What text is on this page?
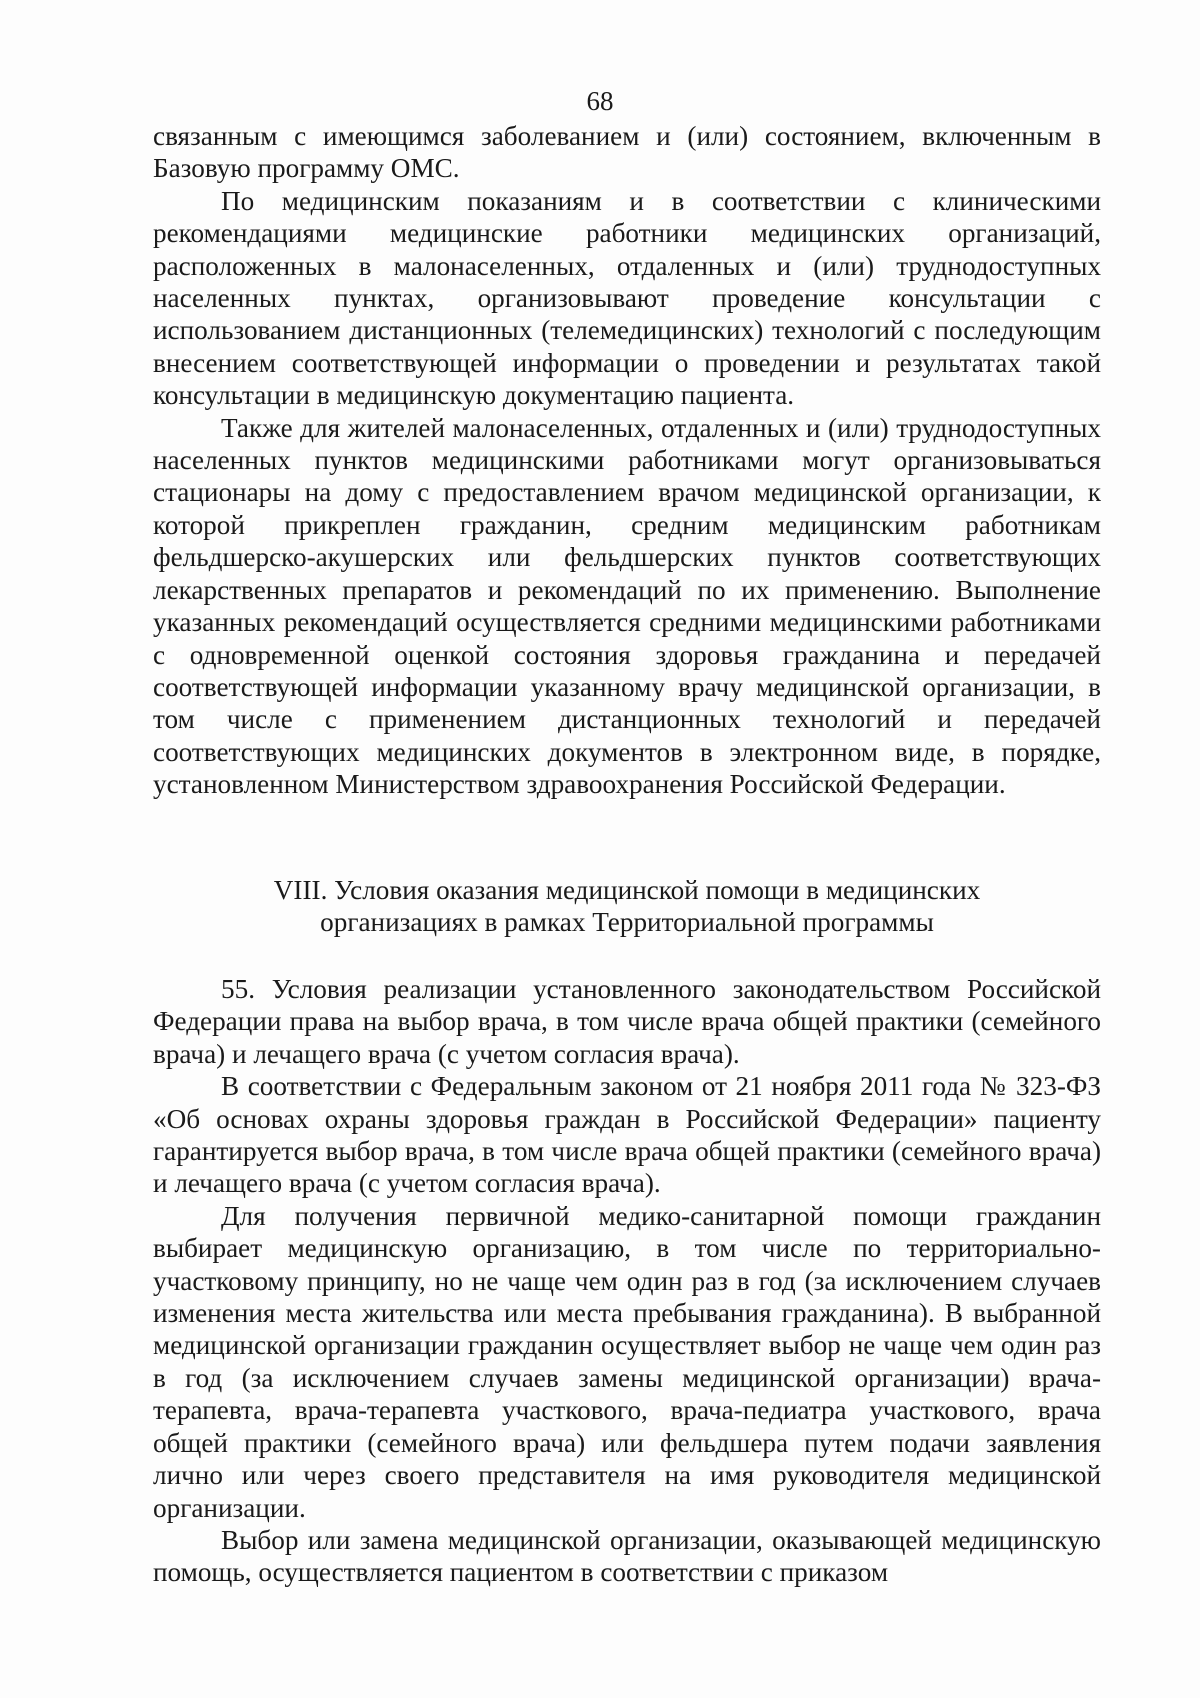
68

связанным с имеющимся заболеванием и (или) состоянием, включенным в Базовую программу ОМС.

По медицинским показаниям и в соответствии с клиническими рекомендациями медицинские работники медицинских организаций, расположенных в малонаселенных, отдаленных и (или) труднодоступных населенных пунктах, организовывают проведение консультации с использованием дистанционных (телемедицинских) технологий с последующим внесением соответствующей информации о проведении и результатах такой консультации в медицинскую документацию пациента.

Также для жителей малонаселенных, отдаленных и (или) труднодоступных населенных пунктов медицинскими работниками могут организовываться стационары на дому с предоставлением врачом медицинской организации, к которой прикреплен гражданин, средним медицинским работникам фельдшерско-акушерских или фельдшерских пунктов соответствующих лекарственных препаратов и рекомендаций по их применению. Выполнение указанных рекомендаций осуществляется средними медицинскими работниками с одновременной оценкой состояния здоровья гражданина и передачей соответствующей информации указанному врачу медицинской организации, в том числе с применением дистанционных технологий и передачей соответствующих медицинских документов в электронном виде, в порядке, установленном Министерством здравоохранения Российской Федерации.

VIII. Условия оказания медицинской помощи в медицинских
организациях в рамках Территориальной программы

55. Условия реализации установленного законодательством Российской Федерации права на выбор врача, в том числе врача общей практики (семейного врача) и лечащего врача (с учетом согласия врача).

В соответствии с Федеральным законом от 21 ноября 2011 года № 323-ФЗ «Об основах охраны здоровья граждан в Российской Федерации» пациенту гарантируется выбор врача, в том числе врача общей практики (семейного врача) и лечащего врача (с учетом согласия врача).

Для получения первичной медико-санитарной помощи гражданин выбирает медицинскую организацию, в том числе по территориально-участковому принципу, но не чаще чем один раз в год (за исключением случаев изменения места жительства или места пребывания гражданина). В выбранной медицинской организации гражданин осуществляет выбор не чаще чем один раз в год (за исключением случаев замены медицинской организации) врача-терапевта, врача-терапевта участкового, врача-педиатра участкового, врача общей практики (семейного врача) или фельдшера путем подачи заявления лично или через своего представителя на имя руководителя медицинской организации.

Выбор или замена медицинской организации, оказывающей медицинскую помощь, осуществляется пациентом в соответствии с приказом
